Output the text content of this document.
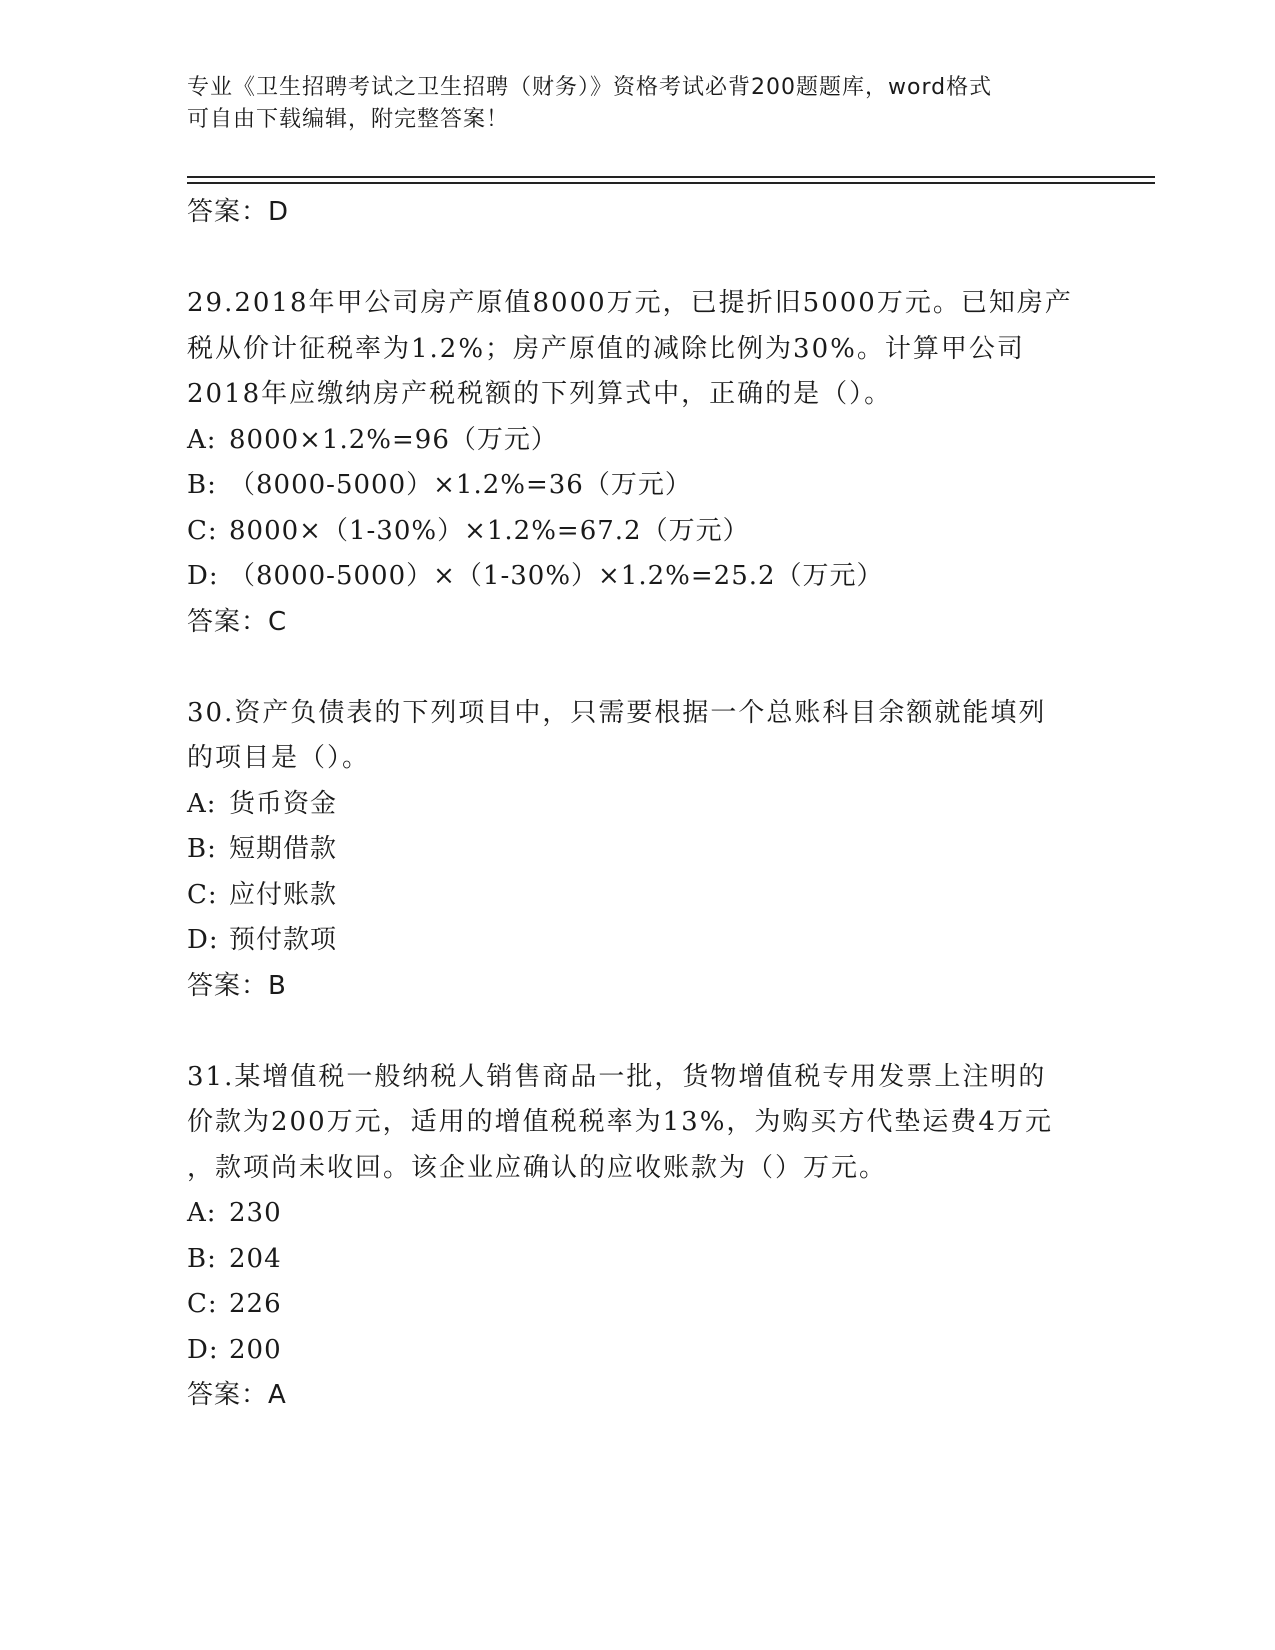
专业《卫生招聘考试之卫生招聘（财务）》资格考试必背200题题库，word格式
可自由下载编辑，附完整答案！
答案：D
29.2018年甲公司房产原值8000万元，已提折旧5000万元。已知房产
税从价计征税率为1.2%；房产原值的减除比例为30%。计算甲公司
2018年应缴纳房产税税额的下列算式中，正确的是（）。
A: 8000×1.2%=96（万元）
B: （8000-5000）×1.2%=36（万元）
C: 8000×（1-30%）×1.2%=67.2（万元）
D: （8000-5000）×（1-30%）×1.2%=25.2（万元）
答案：C
30.资产负债表的下列项目中，只需要根据一个总账科目余额就能填列
的项目是（）。
A: 货币资金
B: 短期借款
C: 应付账款
D: 预付款项
答案：B
31.某增值税一般纳税人销售商品一批，货物增值税专用发票上注明的
价款为200万元，适用的增值税税率为13%，为购买方代垫运费4万元
，款项尚未收回。该企业应确认的应收账款为（）万元。
A: 230
B: 204
C: 226
D: 200
答案：A
